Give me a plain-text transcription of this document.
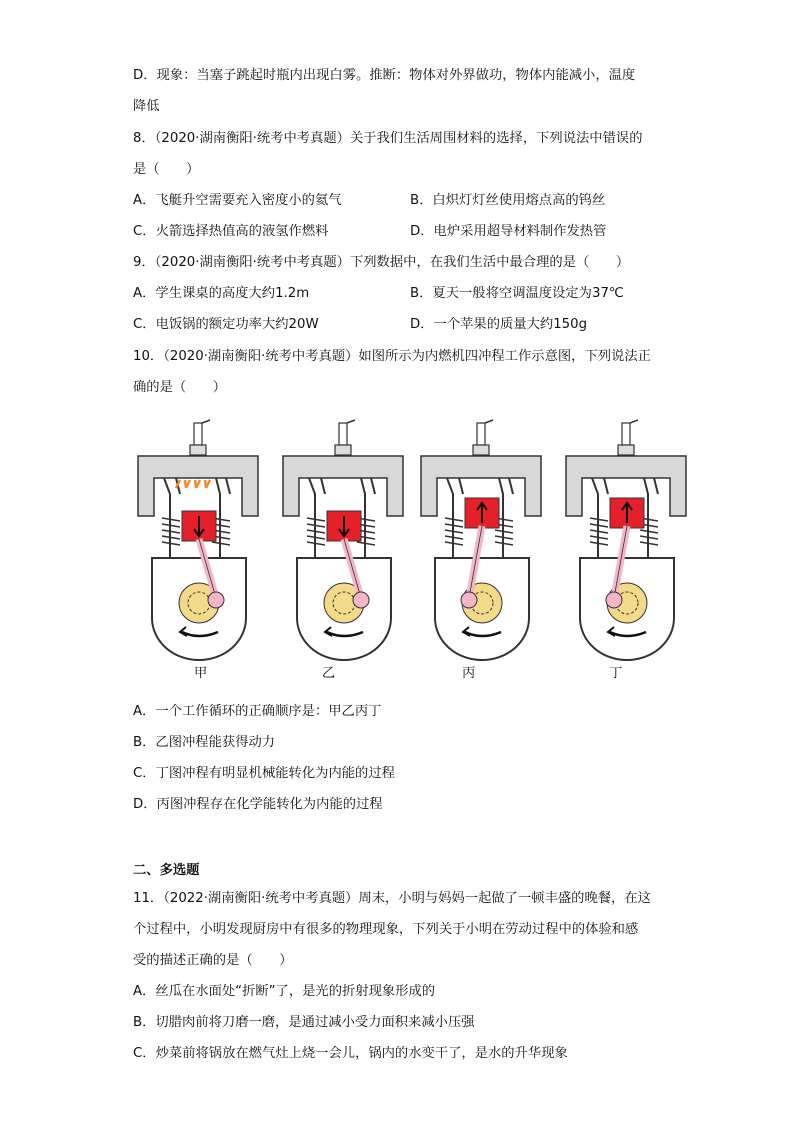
D．现象：当塞子跳起时瓶内出现白雾。推断：物体对外界做功，物体内能减小，温度
降低
8．（2020·湖南衡阳·统考中考真题）关于我们生活周围材料的选择，下列说法中错误的
是（　　）
A．飞艇升空需要充入密度小的氦气	B．白炽灯灯丝使用熔点高的钨丝
C．火箭选择热值高的液氢作燃料	D．电炉采用超导材料制作发热管
9．（2020·湖南衡阳·统考中考真题）下列数据中，在我们生活中最合理的是（　　）
A．学生课桌的高度大约1.2m	B．夏天一般将空调温度设定为37℃
C．电饭锅的额定功率大约20W	D．一个苹果的质量大约150g
10．（2020·湖南衡阳·统考中考真题）如图所示为内燃机四冲程工作示意图，下列说法正
确的是（　　）
甲	乙	丙	丁
A．一个工作循环的正确顺序是：甲乙丙丁
B．乙图冲程能获得动力
C．丁图冲程有明显机械能转化为内能的过程
D．丙图冲程存在化学能转化为内能的过程
二、多选题
11．（2022·湖南衡阳·统考中考真题）周末，小明与妈妈一起做了一顿丰盛的晚餐，在这
个过程中，小明发现厨房中有很多的物理现象，下列关于小明在劳动过程中的体验和感
受的描述正确的是（　　）
A．丝瓜在水面处“折断”了，是光的折射现象形成的
B．切腊肉前将刀磨一磨，是通过减小受力面积来减小压强
C．炒菜前将锅放在燃气灶上烧一会儿，锅内的水变干了，是水的升华现象
